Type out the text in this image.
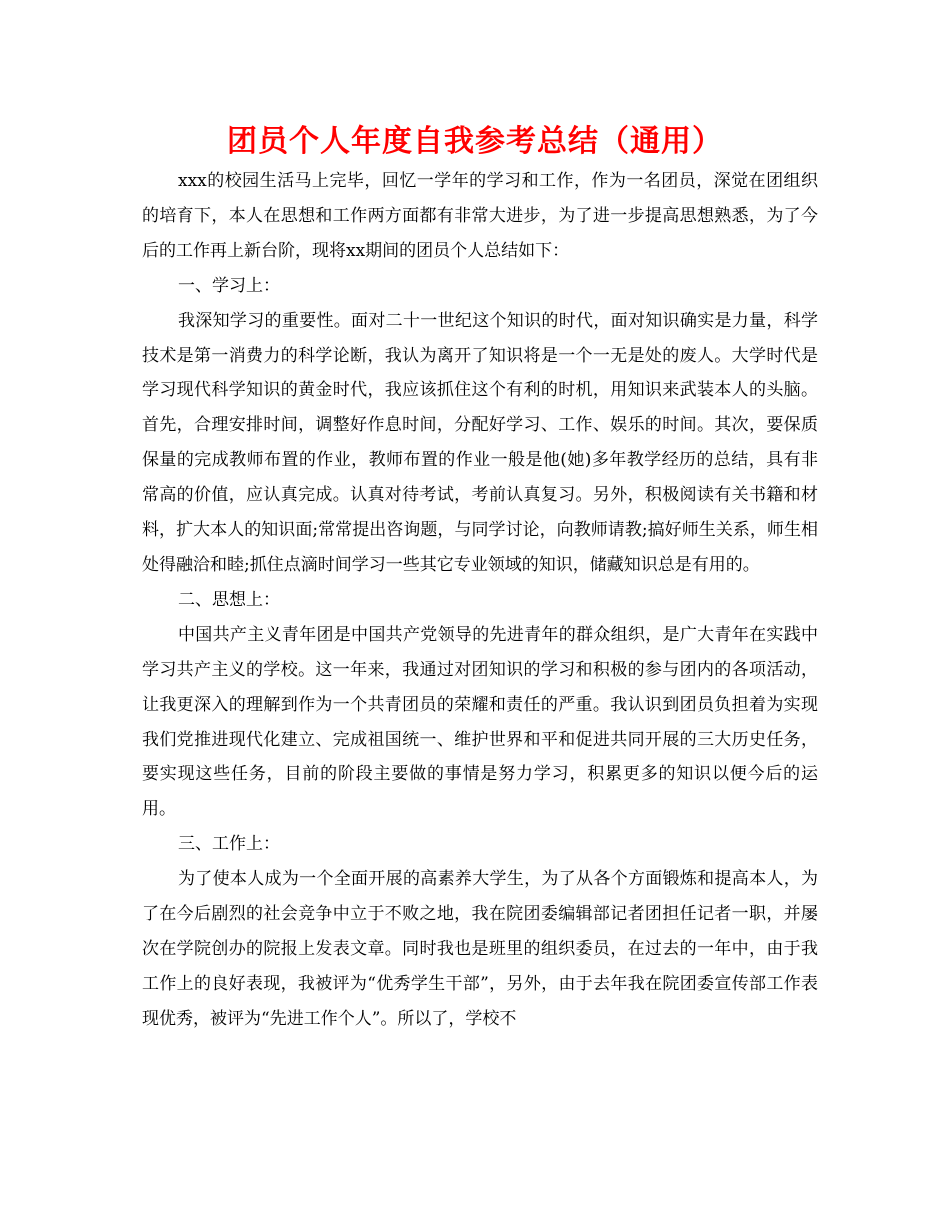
团员个人年度自我参考总结（通用）

xxx的校园生活马上完毕，回忆一学年的学习和工作，作为一名团员，深觉在团组织的培育下，本人在思想和工作两方面都有非常大进步，为了进一步提高思想熟悉，为了今后的工作再上新台阶，现将xx期间的团员个人总结如下：

一、学习上：

我深知学习的重要性。面对二十一世纪这个知识的时代，面对知识确实是力量，科学技术是第一消费力的科学论断，我认为离开了知识将是一个一无是处的废人。大学时代是学习现代科学知识的黄金时代，我应该抓住这个有利的时机，用知识来武装本人的头脑。首先，合理安排时间，调整好作息时间，分配好学习、工作、娱乐的时间。其次，要保质保量的完成教师布置的作业，教师布置的作业一般是他(她)多年教学经历的总结，具有非常高的价值，应认真完成。认真对待考试，考前认真复习。另外，积极阅读有关书籍和材料，扩大本人的知识面;常常提出咨询题，与同学讨论，向教师请教;搞好师生关系，师生相处得融洽和睦;抓住点滴时间学习一些其它专业领域的知识，储藏知识总是有用的。

二、思想上：

中国共产主义青年团是中国共产党领导的先进青年的群众组织，是广大青年在实践中学习共产主义的学校。这一年来，我通过对团知识的学习和积极的参与团内的各项活动，让我更深入的理解到作为一个共青团员的荣耀和责任的严重。我认识到团员负担着为实现我们党推进现代化建立、完成祖国统一、维护世界和平和促进共同开展的三大历史任务，要实现这些任务，目前的阶段主要做的事情是努力学习，积累更多的知识以便今后的运用。

三、工作上：

为了使本人成为一个全面开展的高素养大学生，为了从各个方面锻炼和提高本人，为了在今后剧烈的社会竞争中立于不败之地，我在院团委编辑部记者团担任记者一职，并屡次在学院创办的院报上发表文章。同时我也是班里的组织委员，在过去的一年中，由于我工作上的良好表现，我被评为“优秀学生干部”，另外，由于去年我在院团委宣传部工作表现优秀，被评为“先进工作个人”。所以了，学校不
